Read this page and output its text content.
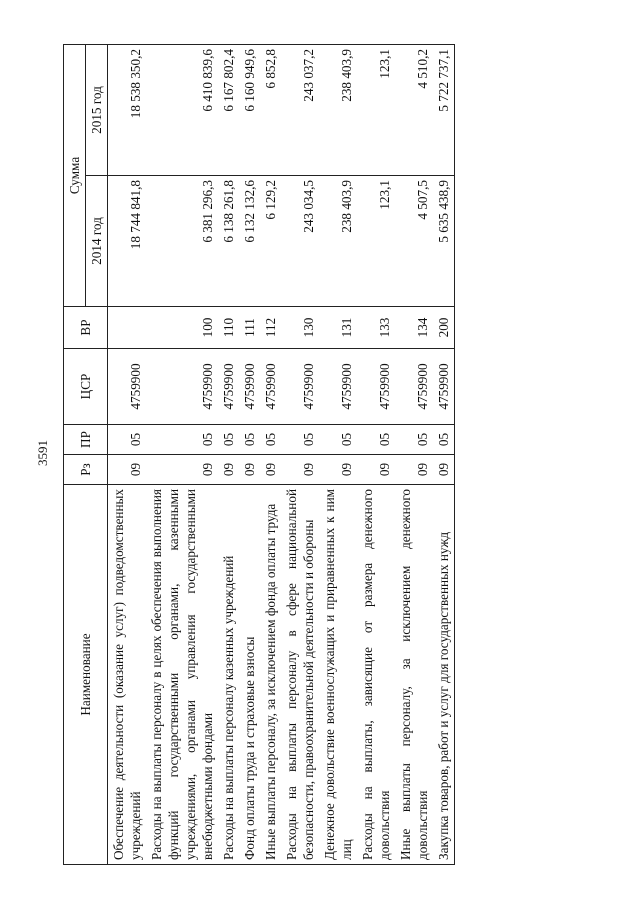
3591
Наименование	Рз	ПР	ЦСР	ВР	Сумма	
					2014 год	2015 год
Обеспечение деятельности (оказание услуг) подведомственных учреждений	09	05	4759900		18 744 841,8	18 538 350,2
Расходы на выплаты персоналу в целях обеспечения выполнения функций государственными органами, казенными учреждениями, органами управления государственными внебюджетными фондами	09	05	4759900	100	6 381 296,3	6 410 839,6
Расходы на выплаты персоналу казенных учреждений	09	05	4759900	110	6 138 261,8	6 167 802,4
Фонд оплаты труда и страховые взносы	09	05	4759900	111	6 132 132,6	6 160 949,6
Иные выплаты персоналу, за исключением фонда оплаты труда	09	05	4759900	112	6 129,2	6 852,8
Расходы на выплаты персоналу в сфере национальной безопасности, правоохранительной деятельности и обороны	09	05	4759900	130	243 034,5	243 037,2
Денежное довольствие военнослужащих и приравненных к ним лиц	09	05	4759900	131	238 403,9	238 403,9
Расходы на выплаты, зависящие от размера денежного довольствия	09	05	4759900	133	123,1	123,1
Иные выплаты персоналу, за исключением денежного довольствия	09	05	4759900	134	4 507,5	4 510,2
Закупка товаров, работ и услуг для государственных нужд	09	05	4759900	200	5 635 438,9	5 722 737,1
